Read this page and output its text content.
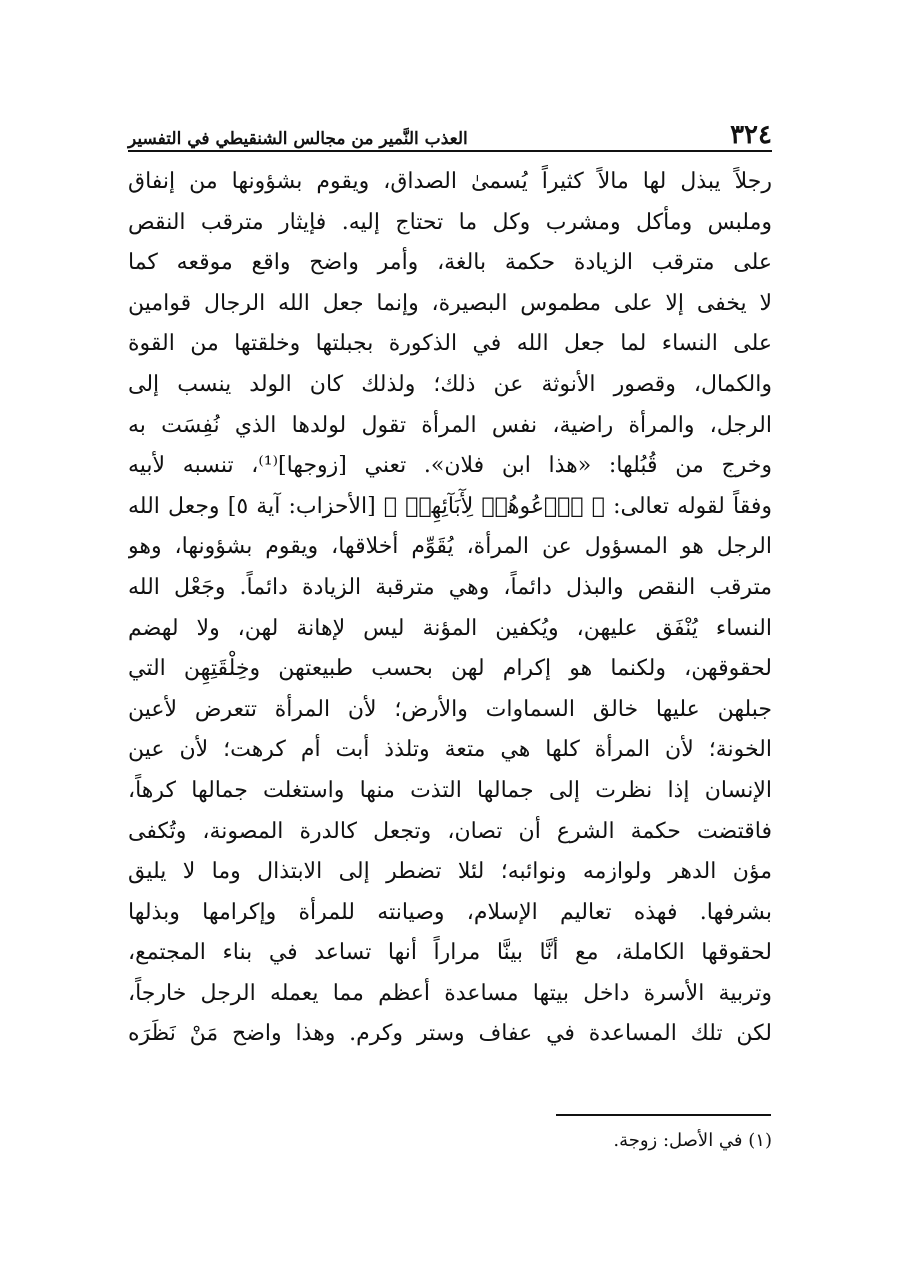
٣٢٤
العذب النَّمير من مجالس الشنقيطي في التفسير
رجلاً يبذل لها مالاً كثيراً يُسمىٰ الصداق، ويقوم بشؤونها من إنفاق
وملبس ومأكل ومشرب وكل ما تحتاج إليه. فإيثار مترقب النقص
على مترقب الزيادة حكمة بالغة، وأمر واضح واقع موقعه كما
لا يخفى إلا على مطموس البصيرة، وإنما جعل الله الرجال قوامين
على النساء لما جعل الله في الذكورة بجبلتها وخلقتها من القوة
والكمال، وقصور الأنوثة عن ذلك؛ ولذلك كان الولد ينسب إلى
الرجل، والمرأة راضية، نفس المرأة تقول لولدها الذي نُفِسَت به
وخرج من قُبُلها: «هذا ابن فلان». تعني [زوجها]⁽¹⁾، تنسبه لأبيه
وفقاً لقوله تعالى: ﴿ ٱدۡعُوهُمۡ لِأٓبَآئِهِمۡ ﴾ [الأحزاب: آية ٥] وجعل الله
الرجل هو المسؤول عن المرأة، يُقَوِّم أخلاقها، ويقوم بشؤونها، وهو
مترقب النقص والبذل دائماً، وهي مترقبة الزيادة دائماً. وجَعْل الله
النساء يُنْفَق عليهن، ويُكفين المؤنة ليس لإهانة لهن، ولا لهضم
لحقوقهن، ولكنما هو إكرام لهن بحسب طبيعتهن وخِلْقَتِهِن التي
جبلهن عليها خالق السماوات والأرض؛ لأن المرأة تتعرض لأعين
الخونة؛ لأن المرأة كلها هي متعة وتلذذ أبت أم كرهت؛ لأن عين
الإنسان إذا نظرت إلى جمالها التذت منها واستغلت جمالها كرهاً،
فاقتضت حكمة الشرع أن تصان، وتجعل كالدرة المصونة، وتُكفى
مؤن الدهر ولوازمه ونوائبه؛ لئلا تضطر إلى الابتذال وما لا يليق
بشرفها. فهذه تعاليم الإسلام، وصيانته للمرأة وإكرامها وبذلها
لحقوقها الكاملة، مع أنَّا بينَّا مراراً أنها تساعد في بناء المجتمع،
وتربية الأسرة داخل بيتها مساعدة أعظم مما يعمله الرجل خارجاً،
لكن تلك المساعدة في عفاف وستر وكرم. وهذا واضح مَنْ نَظَرَه
(١) في الأصل: زوجة.
